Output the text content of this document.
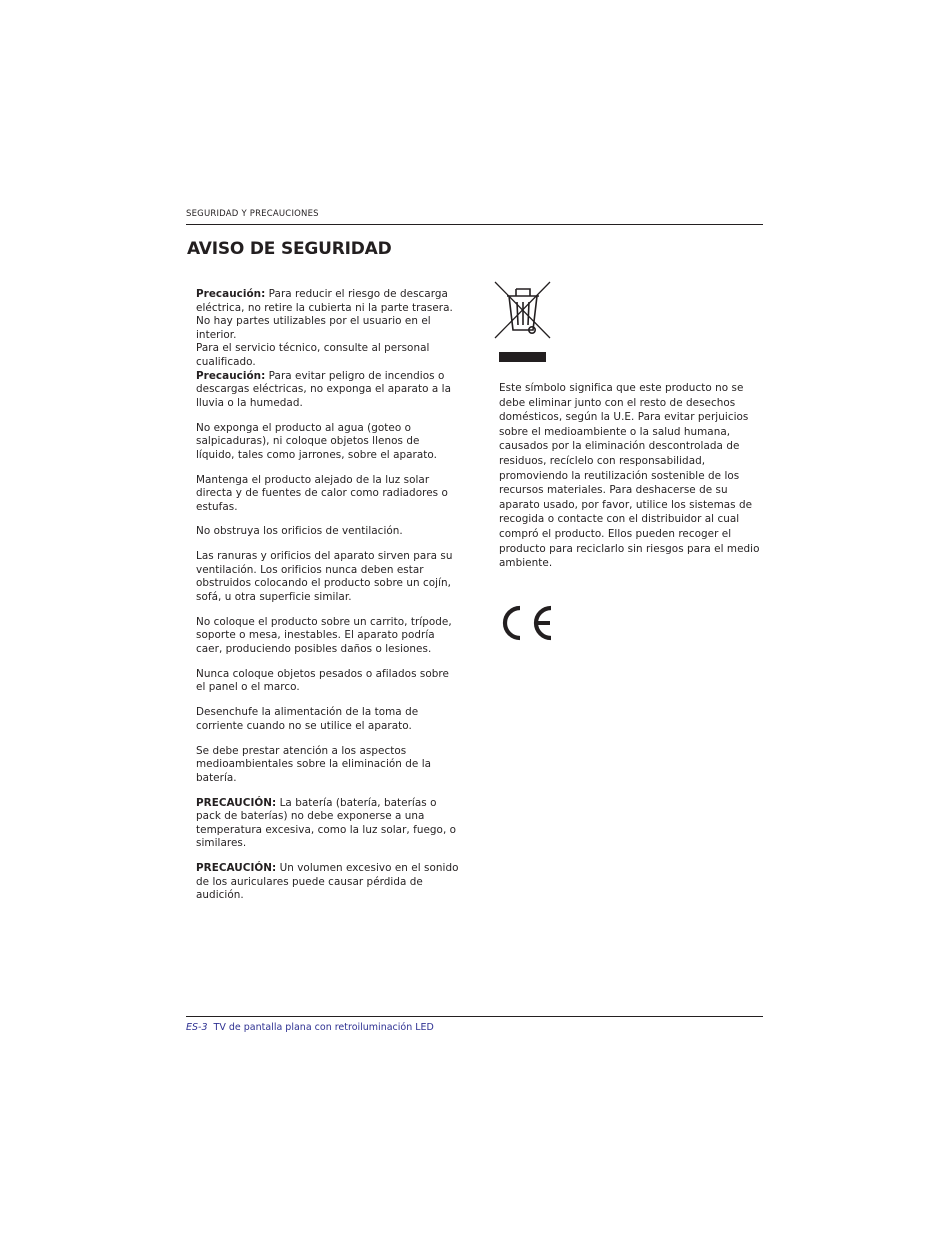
SEGURIDAD Y PRECAUCIONES
AVISO DE SEGURIDAD

Precaución: Para reducir el riesgo de descarga eléctrica, no retire la cubierta ni la parte trasera. No hay partes utilizables por el usuario en el interior.
Para el servicio técnico, consulte al personal cualificado.
Precaución: Para evitar peligro de incendios o descargas eléctricas, no exponga el aparato a la lluvia o la humedad.

No exponga el producto al agua (goteo o salpicaduras), ni coloque objetos llenos de líquido, tales como jarrones, sobre el aparato.

Mantenga el producto alejado de la luz solar directa y de fuentes de calor como radiadores o estufas.

No obstruya los orificios de ventilación.

Las ranuras y orificios del aparato sirven para su ventilación. Los orificios nunca deben estar obstruidos colocando el producto sobre un cojín, sofá, u otra superficie similar.

No coloque el producto sobre un carrito, trípode, soporte o mesa, inestables. El aparato podría caer, produciendo posibles daños o lesiones.

Nunca coloque objetos pesados o afilados sobre el panel o el marco.

Desenchufe la alimentación de la toma de corriente cuando no se utilice el aparato.

Se debe prestar atención a los aspectos medioambientales sobre la eliminación de la batería.

PRECAUCIÓN: La batería (batería, baterías o pack de baterías) no debe exponerse a una temperatura excesiva, como la luz solar, fuego, o similares.

PRECAUCIÓN: Un volumen excesivo en el sonido de los auriculares puede causar pérdida de audición.

Este símbolo significa que este producto no se debe eliminar junto con el resto de desechos domésticos, según la U.E. Para evitar perjuicios sobre el medioambiente o la salud humana, causados por la eliminación descontrolada de residuos, recíclelo con responsabilidad, promoviendo la reutilización sostenible de los recursos materiales. Para deshacerse de su aparato usado, por favor, utilice los sistemas de recogida o contacte con el distribuidor al cual compró el producto. Ellos pueden recoger el producto para reciclarlo sin riesgos para el medio ambiente.

ES-3 TV de pantalla plana con retroiluminación LED
